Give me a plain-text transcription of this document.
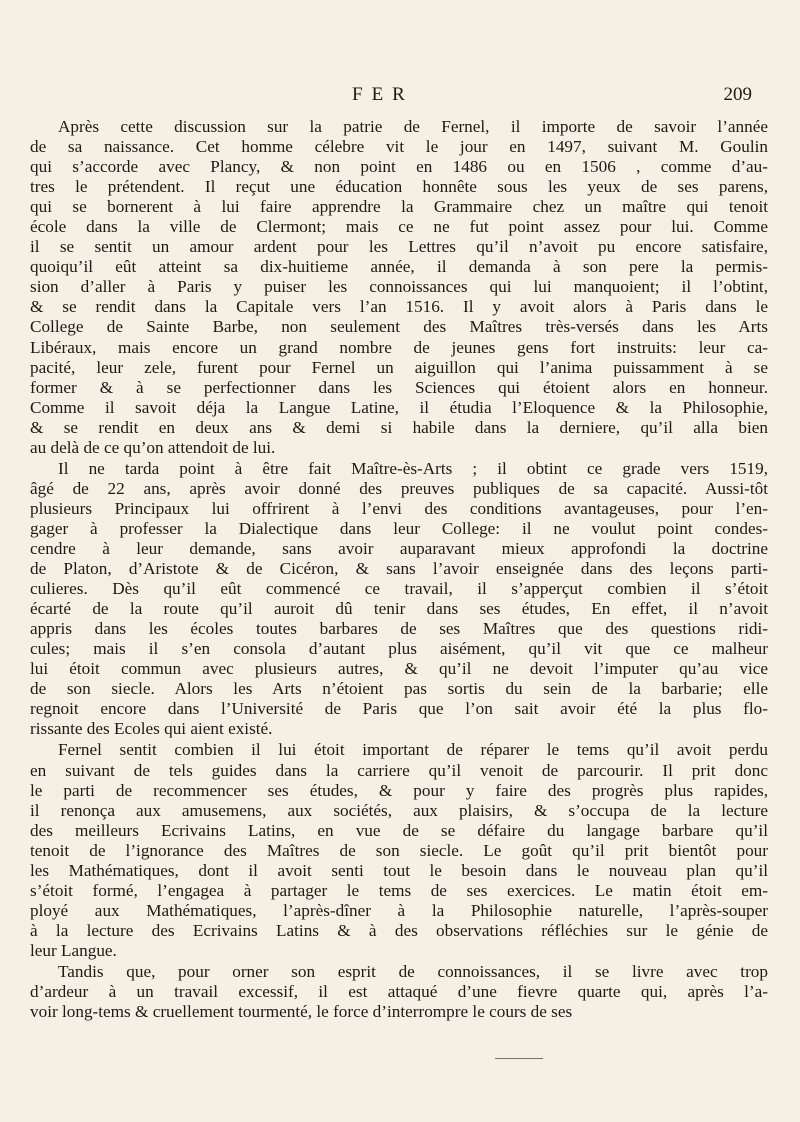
FER	209
Après cette discussion sur la patrie de Fernel, il importe de savoir l’année
de sa naissance. Cet homme célebre vit le jour en 1497, suivant M. Goulin
qui s’accorde avec Plancy, & non point en 1486 ou en 1506 , comme d’au-
tres le prétendent. Il reçut une éducation honnête sous les yeux de ses parens,
qui se bornerent à lui faire apprendre la Grammaire chez un maître qui tenoit
école dans la ville de Clermont; mais ce ne fut point assez pour lui. Comme
il se sentit un amour ardent pour les Lettres qu’il n’avoit pu encore satisfaire,
quoiqu’il eût atteint sa dix-huitieme année, il demanda à son pere la permis-
sion d’aller à Paris y puiser les connoissances qui lui manquoient; il l’obtint,
& se rendit dans la Capitale vers l’an 1516. Il y avoit alors à Paris dans le
College de Sainte Barbe, non seulement des Maîtres très-versés dans les Arts
Libéraux, mais encore un grand nombre de jeunes gens fort instruits: leur ca-
pacité, leur zele, furent pour Fernel un aiguillon qui l’anima puissamment à se
former & à se perfectionner dans les Sciences qui étoient alors en honneur.
Comme il savoit déja la Langue Latine, il étudia l’Eloquence & la Philosophie,
& se rendit en deux ans & demi si habile dans la derniere, qu’il alla bien
au delà de ce qu’on attendoit de lui.
Il ne tarda point à être fait Maître-ès-Arts ; il obtint ce grade vers 1519,
âgé de 22 ans, après avoir donné des preuves publiques de sa capacité. Aussi-tôt
plusieurs Principaux lui offrirent à l’envi des conditions avantageuses, pour l’en-
gager à professer la Dialectique dans leur College: il ne voulut point condes-
cendre à leur demande, sans avoir auparavant mieux approfondi la doctrine
de Platon, d’Aristote & de Cicéron, & sans l’avoir enseignée dans des leçons parti-
culieres. Dès qu’il eût commencé ce travail, il s’apperçut combien il s’étoit
écarté de la route qu’il auroit dû tenir dans ses études, En effet, il n’avoit
appris dans les écoles toutes barbares de ses Maîtres que des questions ridi-
cules; mais il s’en consola d’autant plus aisément, qu’il vit que ce malheur
lui étoit commun avec plusieurs autres, & qu’il ne devoit l’imputer qu’au vice
de son siecle. Alors les Arts n’étoient pas sortis du sein de la barbarie; elle
regnoit encore dans l’Université de Paris que l’on sait avoir été la plus flo-
rissante des Ecoles qui aient existé.
Fernel sentit combien il lui étoit important de réparer le tems qu’il avoit perdu
en suivant de tels guides dans la carriere qu’il venoit de parcourir. Il prit donc
le parti de recommencer ses études, & pour y faire des progrès plus rapides,
il renonça aux amusemens, aux sociétés, aux plaisirs, & s’occupa de la lecture
des meilleurs Ecrivains Latins, en vue de se défaire du langage barbare qu’il
tenoit de l’ignorance des Maîtres de son siecle. Le goût qu’il prit bientôt pour
les Mathématiques, dont il avoit senti tout le besoin dans le nouveau plan qu’il
s’étoit formé, l’engagea à partager le tems de ses exercices. Le matin étoit em-
ployé aux Mathématiques, l’après-dîner à la Philosophie naturelle, l’après-souper
à la lecture des Ecrivains Latins & à des observations réfléchies sur le génie de
leur Langue.
Tandis que, pour orner son esprit de connoissances, il se livre avec trop
d’ardeur à un travail excessif, il est attaqué d’une fievre quarte qui, après l’a-
voir long-tems & cruellement tourmenté, le force d’interrompre le cours de ses
